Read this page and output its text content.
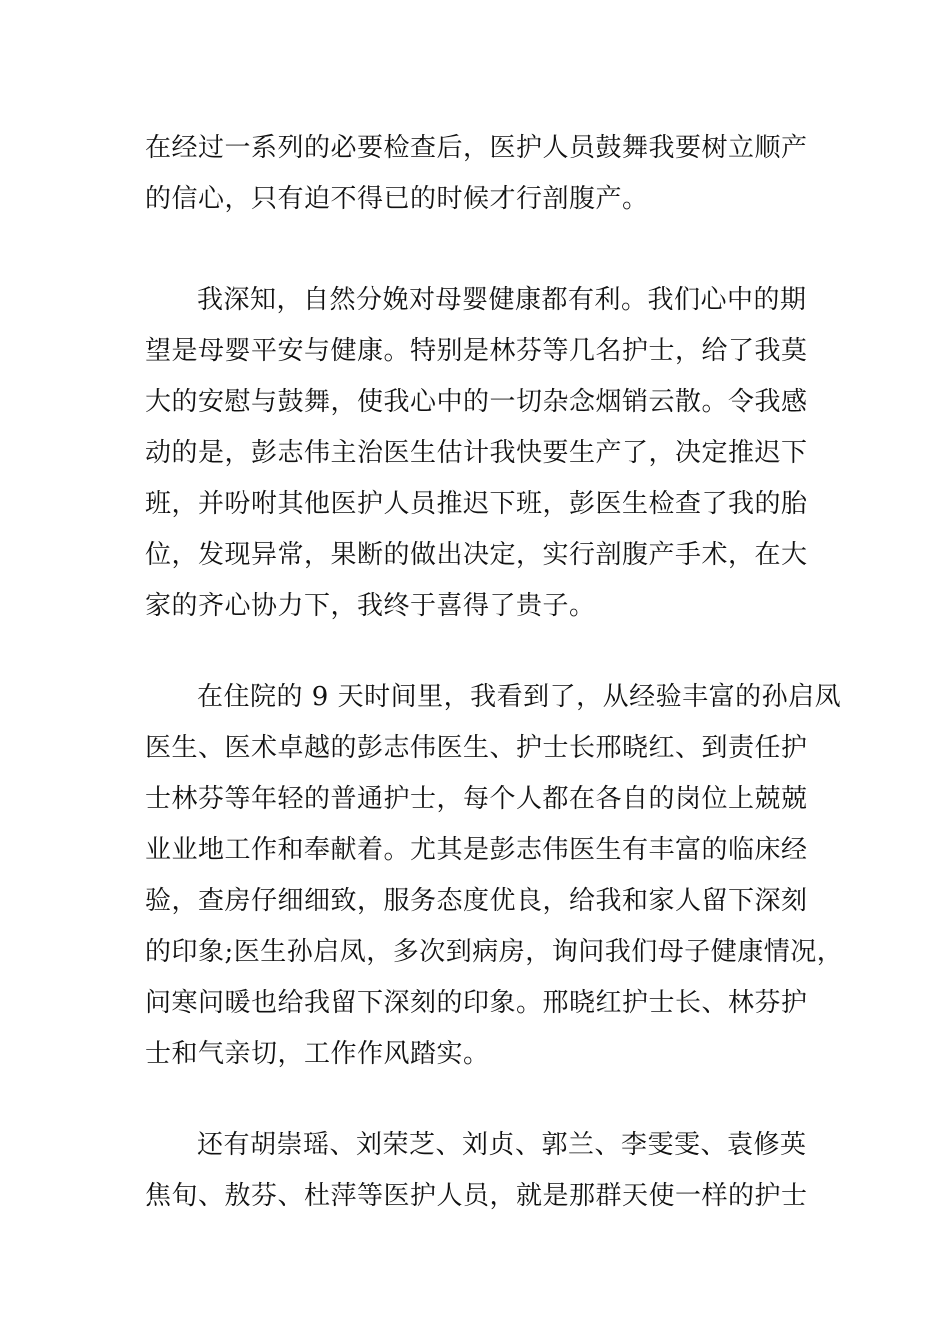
在经过一系列的必要检查后，医护人员鼓舞我要树立顺产
的信心，只有迫不得已的时候才行剖腹产。
我深知，自然分娩对母婴健康都有利。我们心中的期
望是母婴平安与健康。特别是林芬等几名护士，给了我莫
大的安慰与鼓舞，使我心中的一切杂念烟销云散。令我感
动的是，彭志伟主治医生估计我快要生产了，决定推迟下
班，并吩咐其他医护人员推迟下班，彭医生检查了我的胎
位，发现异常，果断的做出决定，实行剖腹产手术，在大
家的齐心协力下，我终于喜得了贵子。
在住院的 9 天时间里，我看到了，从经验丰富的孙启凤
医生、医术卓越的彭志伟医生、护士长邢晓红、到责任护
士林芬等年轻的普通护士，每个人都在各自的岗位上兢兢
业业地工作和奉献着。尤其是彭志伟医生有丰富的临床经
验，查房仔细细致，服务态度优良，给我和家人留下深刻
的印象;医生孙启凤，多次到病房，询问我们母子健康情况，
问寒问暖也给我留下深刻的印象。邢晓红护士长、林芬护
士和气亲切，工作作风踏实。
还有胡崇瑶、刘荣芝、刘贞、郭兰、李雯雯、袁修英
焦旬、敖芬、杜萍等医护人员，就是那群天使一样的护士
